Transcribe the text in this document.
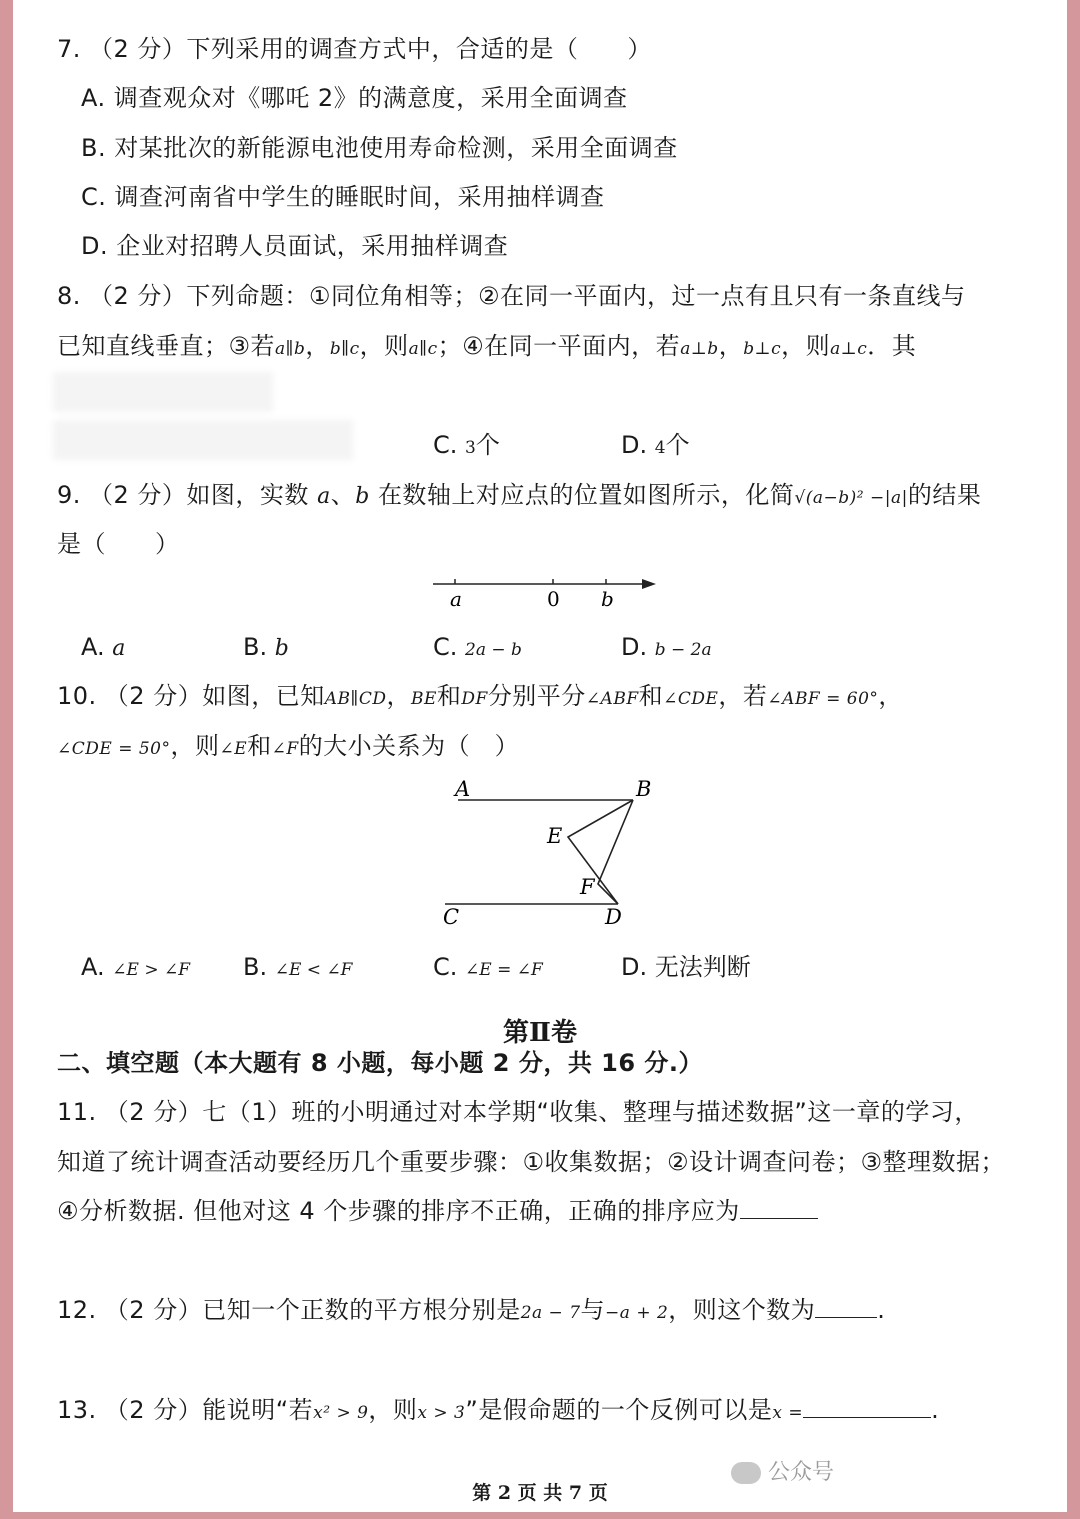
7. （2 分）下列采用的调查方式中，合适的是（　　）
A. 调查观众对《哪吒 2》的满意度，采用全面调查
B. 对某批次的新能源电池使用寿命检测，采用全面调查
C. 调查河南省中学生的睡眠时间，采用抽样调查
D. 企业对招聘人员面试，采用抽样调查
8. （2 分）下列命题：①同位角相等；②在同一平面内，过一点有且只有一条直线与
已知直线垂直；③若a∥b，b∥c，则a∥c；④在同一平面内，若a⊥b，b⊥c，则a⊥c．其
C. 3个	D. 4个
9. （2 分）如图，实数 a、b 在数轴上对应点的位置如图所示，化简√(a−b)² −|a|的结果
是（　　）
a	0 b
A. a	B. b	C. 2a − b	D. b − 2a
10. （2 分）如图，已知AB∥CD，BE和DF分别平分∠ABF和∠CDE，若∠ABF = 60°，
∠CDE = 50°，则∠E和∠F的大小关系为（　）
A	B
E
F
C	D
A. ∠E > ∠F B. ∠E < ∠F	C. ∠E = ∠F	D. 无法判断
第Ⅱ卷
二、填空题（本大题有 8 小题，每小题 2 分，共 16 分.）
11. （2 分）七（1）班的小明通过对本学期“收集、整理与描述数据”这一章的学习，
知道了统计调查活动要经历几个重要步骤：①收集数据；②设计调查问卷；③整理数据；
④分析数据. 但他对这 4 个步骤的排序不正确，正确的排序应为
12. （2 分）已知一个正数的平方根分别是2a − 7与−a + 2，则这个数为	.
13. （2 分）能说明“若x² > 9，则x > 3”是假命题的一个反例可以是x =	.
公众号
第 2 页 共 7 页
